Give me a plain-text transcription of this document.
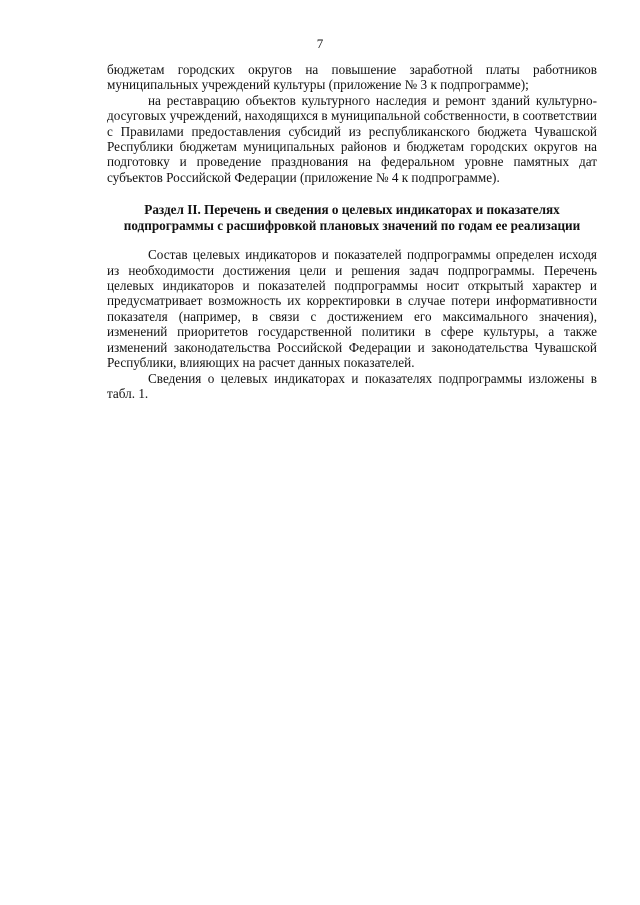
7

бюджетам городских округов на повышение заработной платы работников муниципальных учреждений культуры (приложение № 3 к подпрограмме);

на реставрацию объектов культурного наследия и ремонт зданий культурно-досуговых учреждений, находящихся в муниципальной собственности, в соответствии с Правилами предоставления субсидий из республиканского бюджета Чувашской Республики бюджетам муниципальных районов и бюджетам городских округов на подготовку и проведение празднования на федеральном уровне памятных дат субъектов Российской Федерации (приложение № 4 к подпрограмме).

Раздел II. Перечень и сведения о целевых индикаторах и показателях
подпрограммы с расшифровкой плановых значений по годам ее реализации

Состав целевых индикаторов и показателей подпрограммы определен исходя из необходимости достижения цели и решения задач подпрограммы. Перечень целевых индикаторов и показателей подпрограммы носит открытый характер и предусматривает возможность их корректировки в случае потери информативности показателя (например, в связи с достижением его максимального значения), изменений приоритетов государственной политики в сфере культуры, а также изменений законодательства Российской Федерации и законодательства Чувашской Республики, влияющих на расчет данных показателей.

Сведения о целевых индикаторах и показателях подпрограммы изложены в табл. 1.
